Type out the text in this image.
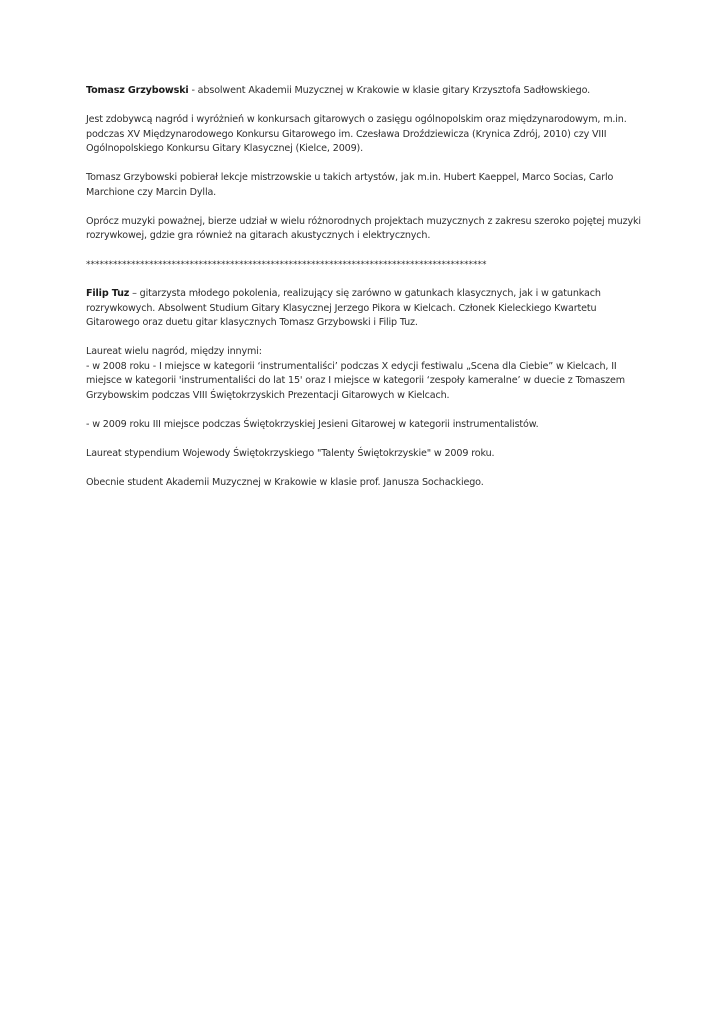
Tomasz Grzybowski - absolwent Akademii Muzycznej w Krakowie w klasie gitary Krzysztofa Sadłowskiego.

Jest zdobywcą nagród i wyróżnień w konkursach gitarowych o zasięgu ogólnopolskim oraz międzynarodowym, m.in. podczas XV Międzynarodowego Konkursu Gitarowego im. Czesława Droździewicza (Krynica Zdrój, 2010) czy VIII Ogólnopolskiego Konkursu Gitary Klasycznej (Kielce, 2009).

Tomasz Grzybowski pobierał lekcje mistrzowskie u takich artystów, jak m.in. Hubert Kaeppel, Marco Socias, Carlo Marchione czy Marcin Dylla.

Oprócz muzyki poważnej, bierze udział w wielu różnorodnych projektach muzycznych z zakresu szeroko pojętej muzyki rozrywkowej, gdzie gra również na gitarach akustycznych i elektrycznych.

*****************************************************************************************

Filip Tuz – gitarzysta młodego pokolenia, realizujący się zarówno w gatunkach klasycznych, jak i w gatunkach rozrywkowych. Absolwent Studium Gitary Klasycznej Jerzego Pikora w Kielcach. Członek Kieleckiego Kwartetu Gitarowego oraz duetu gitar klasycznych Tomasz Grzybowski i Filip Tuz.

Laureat wielu nagród, między innymi:
- w 2008 roku - I miejsce w kategorii ‘instrumentaliści’ podczas X edycji festiwalu „Scena dla Ciebie” w Kielcach, II miejsce w kategorii 'instrumentaliści do lat 15' oraz I miejsce w kategorii ‘zespoły kameralne’ w duecie z Tomaszem Grzybowskim podczas VIII Świętokrzyskich Prezentacji Gitarowych w Kielcach.

- w 2009 roku III miejsce podczas Świętokrzyskiej Jesieni Gitarowej w kategorii instrumentalistów.

Laureat stypendium Wojewody Świętokrzyskiego "Talenty Świętokrzyskie" w 2009 roku.

Obecnie student Akademii Muzycznej w Krakowie w klasie prof. Janusza Sochackiego.
